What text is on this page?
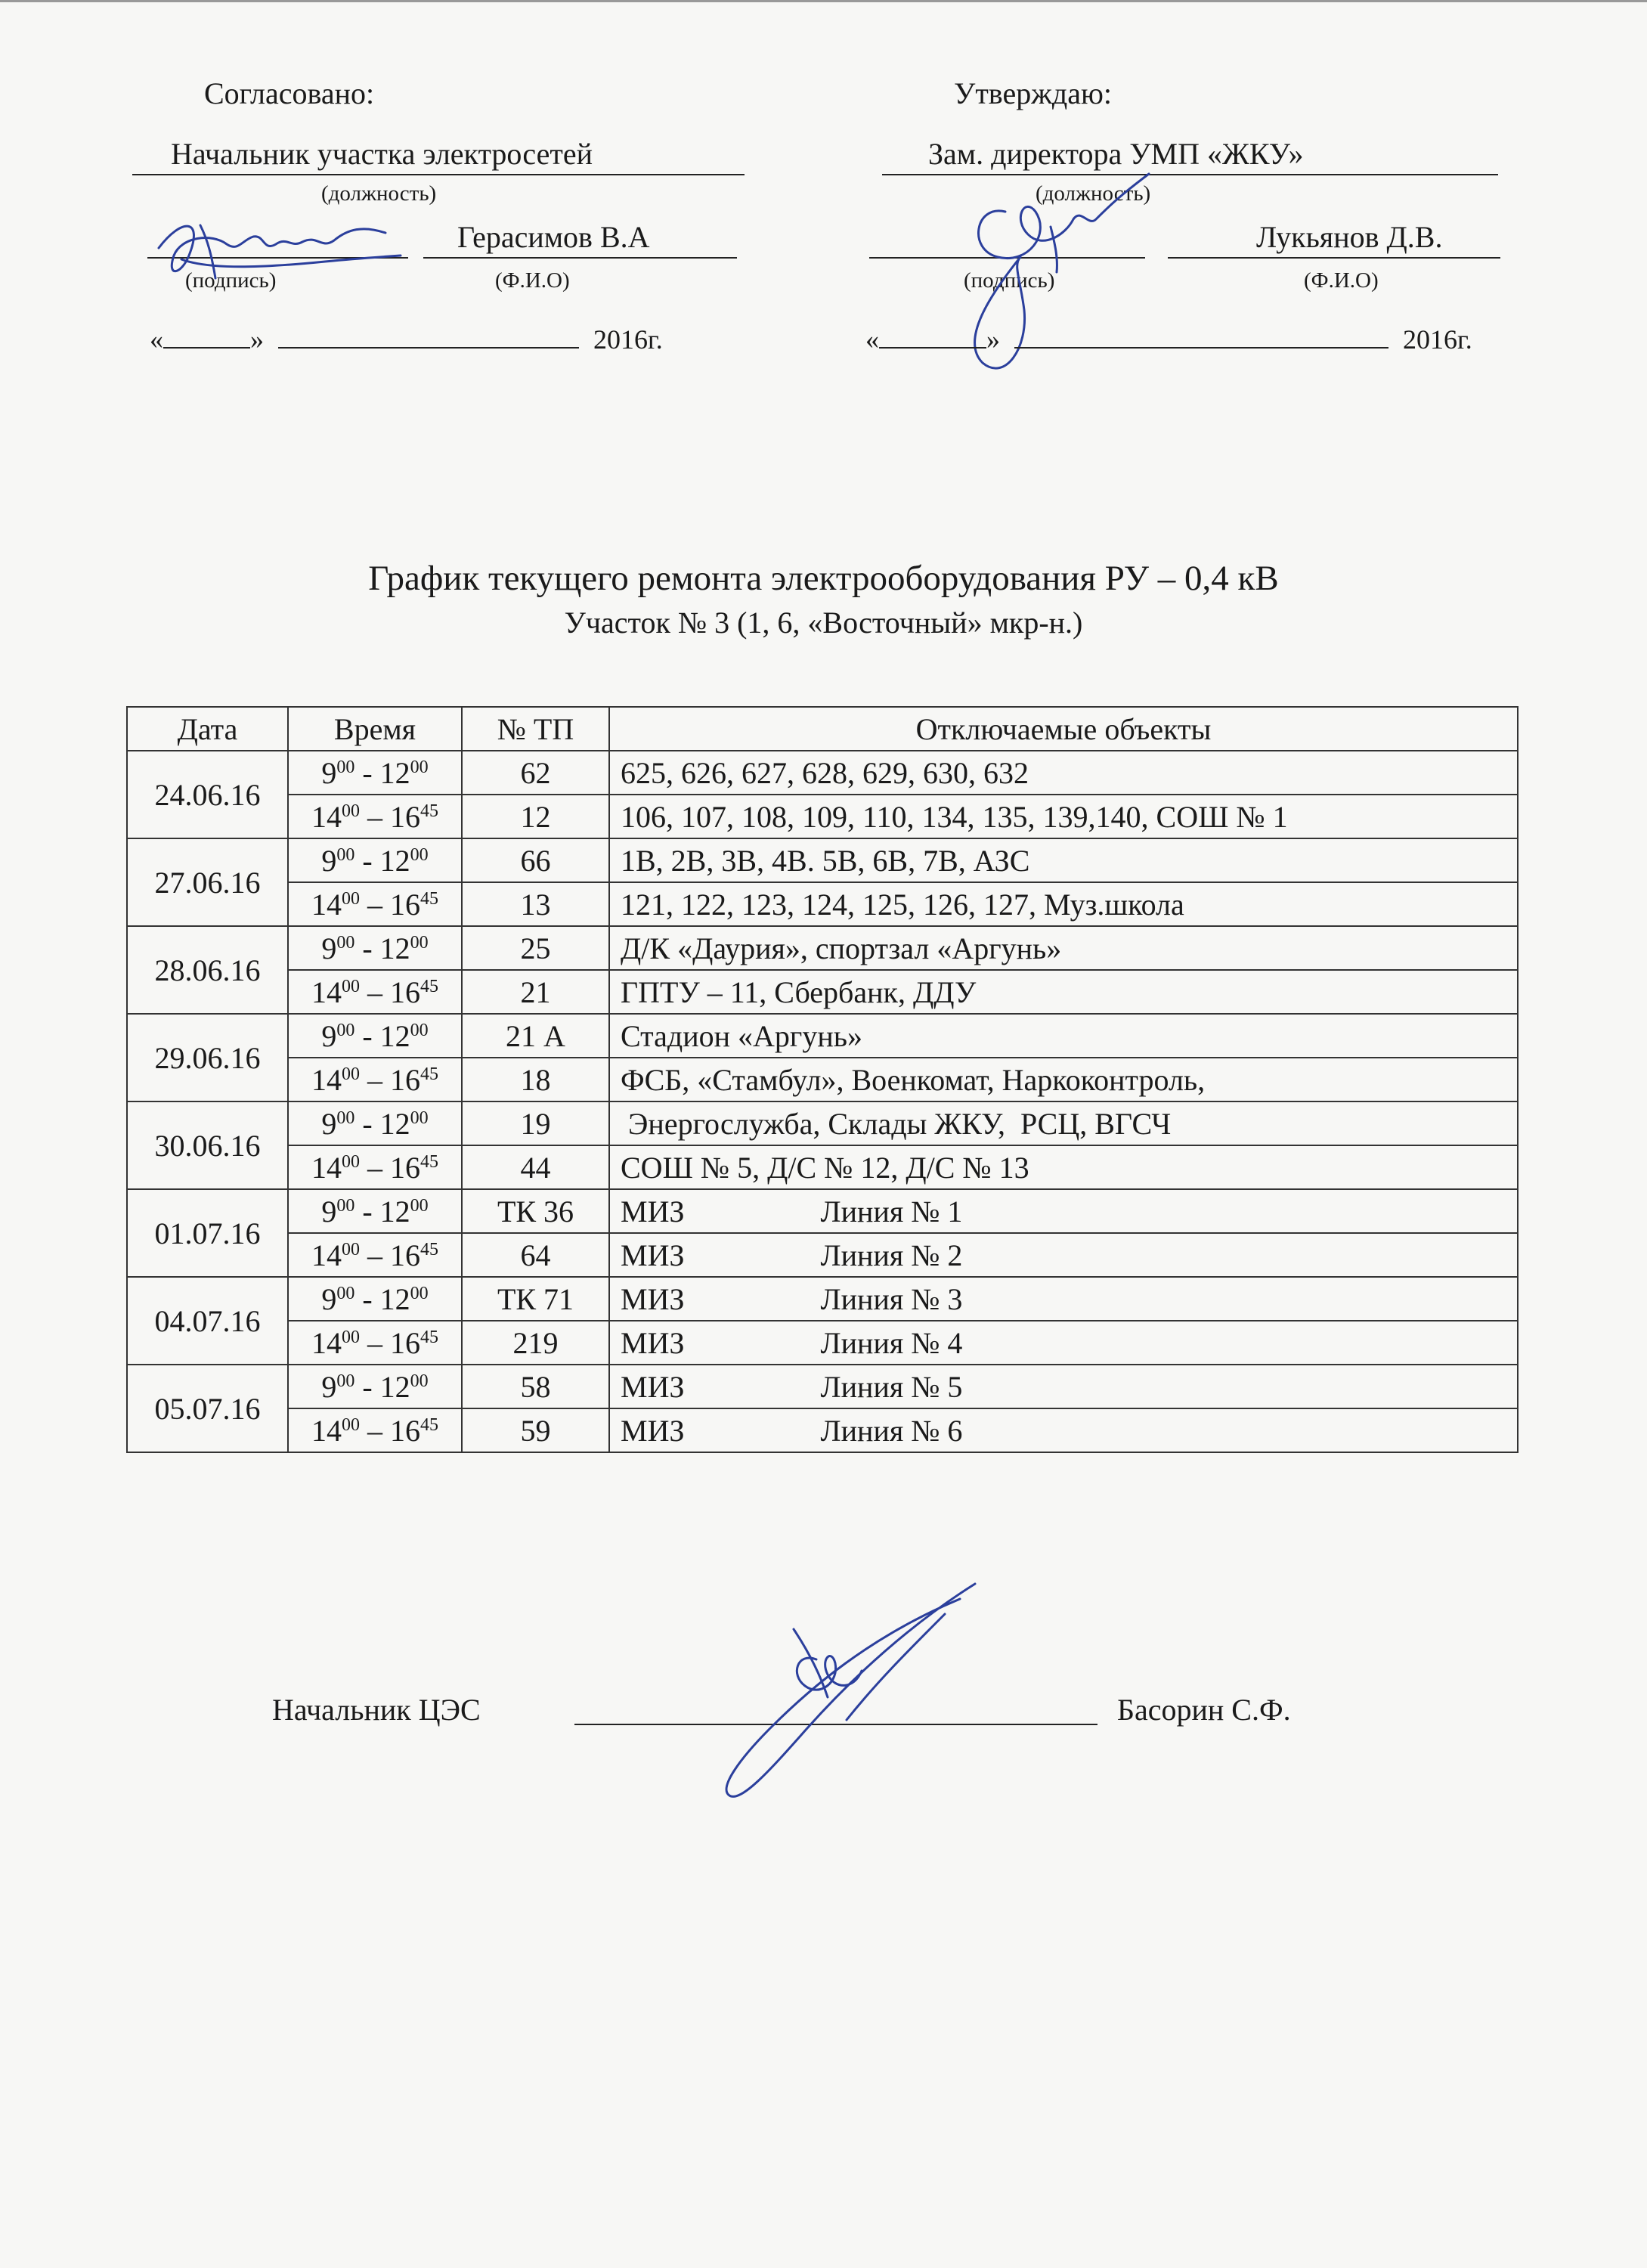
Согласовано:
Начальник участка электросетей
(должность)
Герасимов В.А
(подпись)	(Ф.И.О)
«	»	2016г.
Утверждаю:
Зам. директора УМП «ЖКУ»
(должность)
Лукьянов Д.В.
(подпись)	(Ф.И.О)
«	»	2016г.
График текущего ремонта электрооборудования РУ – 0,4 кВ
Участок № 3 (1, 6, «Восточный» мкр-н.)
Дата	Время	№ ТП	Отключаемые объекты
24.06.16	$9^{00} - 12^{00}$	62	625, 626, 627, 628, 629, 630, 632
	$14^{00} - 16^{45}$	12	106, 107, 108, 109, 110, 134, 135, 139,140, СОШ № 1
27.06.16	$9^{00} - 12^{00}$	66	1В, 2В, 3В, 4В. 5В, 6В, 7В, АЗС
	$14^{00} - 16^{45}$	13	121, 122, 123, 124, 125, 126, 127, Муз.школа
28.06.16	$9^{00} - 12^{00}$	25	Д/К «Даурия», спортзал «Аргунь»
	$14^{00} - 16^{45}$	21	ГПТУ – 11, Сбербанк, ДДУ
29.06.16	$9^{00} - 12^{00}$	21 А	Стадион «Аргунь»
	$14^{00} - 16^{45}$	18	ФСБ, «Стамбул», Военкомат, Наркоконтроль,
30.06.16	$9^{00} - 12^{00}$	19	Энергослужба, Склады ЖКУ,  РСЦ, ВГСЧ
	$14^{00} - 16^{45}$	44	СОШ № 5, Д/С № 12, Д/С № 13
01.07.16	$9^{00} - 12^{00}$	ТК 36	МИЗ Линия № 1
	$14^{00} - 16^{45}$	64	МИЗ Линия № 2
04.07.16	$9^{00} - 12^{00}$	ТК 71	МИЗ Линия № 3
	$14^{00} - 16^{45}$	219	МИЗ Линия № 4
05.07.16	$9^{00} - 12^{00}$	58	МИЗ Линия № 5
	$14^{00} - 16^{45}$	59	МИЗ Линия № 6
Начальник ЦЭС	Басорин С.Ф.
